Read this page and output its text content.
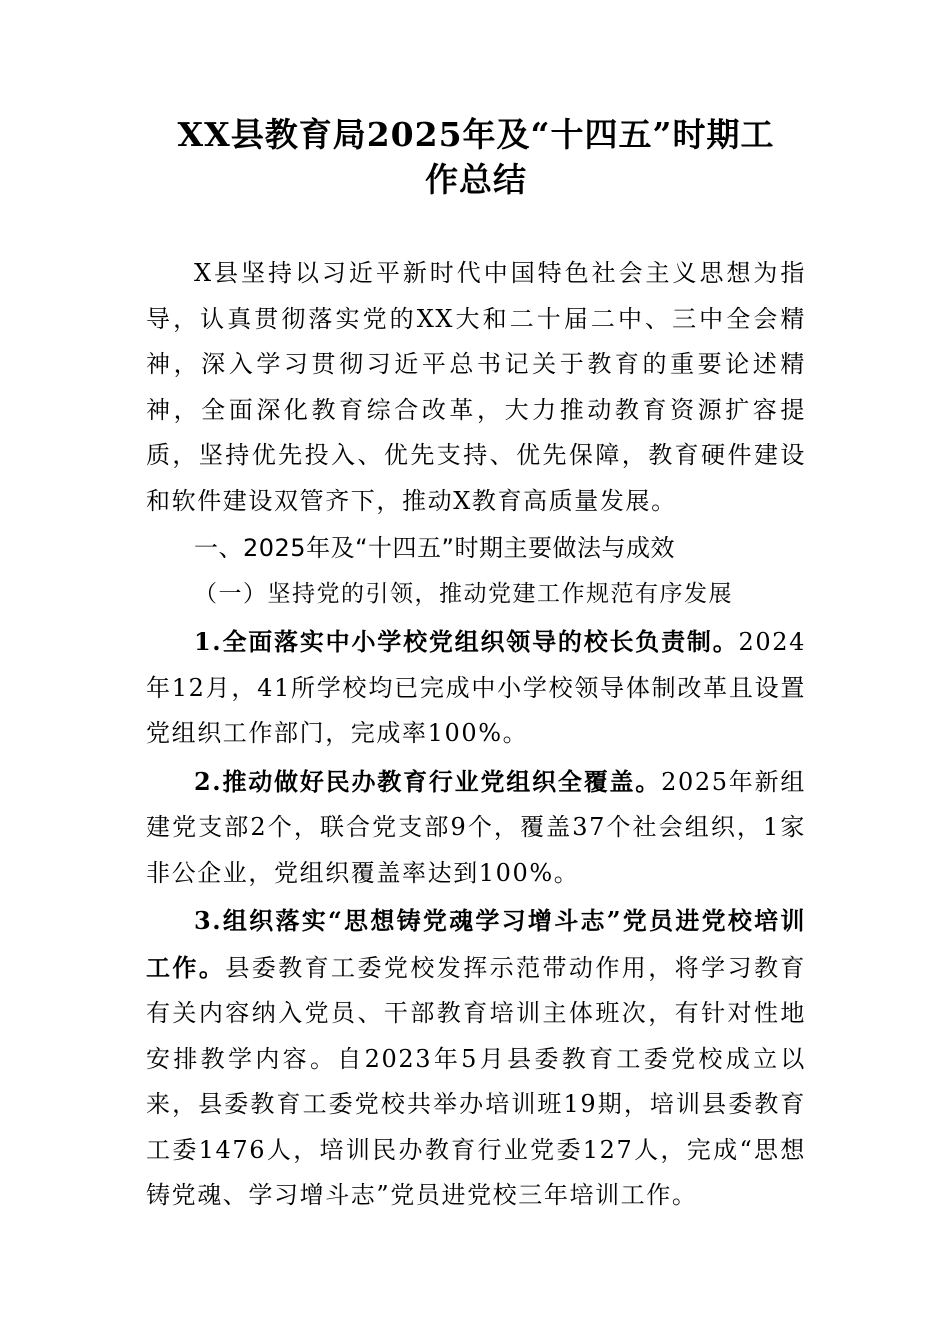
XX县教育局2025年及“十四五”时期工
作总结

X县坚持以习近平新时代中国特色社会主义思想为指导，认真贯彻落实党的XX大和二十届二中、三中全会精神，深入学习贯彻习近平总书记关于教育的重要论述精神，全面深化教育综合改革，大力推动教育资源扩容提质，坚持优先投入、优先支持、优先保障，教育硬件建设和软件建设双管齐下，推动X教育高质量发展。

一、2025年及“十四五”时期主要做法与成效

（一）坚持党的引领，推动党建工作规范有序发展

1.全面落实中小学校党组织领导的校长负责制。2024年12月，41所学校均已完成中小学校领导体制改革且设置党组织工作部门，完成率100%。

2.推动做好民办教育行业党组织全覆盖。2025年新组建党支部2个，联合党支部9个，覆盖37个社会组织，1家非公企业，党组织覆盖率达到100%。

3.组织落实“思想铸党魂学习增斗志”党员进党校培训工作。县委教育工委党校发挥示范带动作用，将学习教育有关内容纳入党员、干部教育培训主体班次，有针对性地安排教学内容。自2023年5月县委教育工委党校成立以来，县委教育工委党校共举办培训班19期，培训县委教育工委1476人，培训民办教育行业党委127人，完成“思想铸党魂、学习增斗志”党员进党校三年培训工作。
